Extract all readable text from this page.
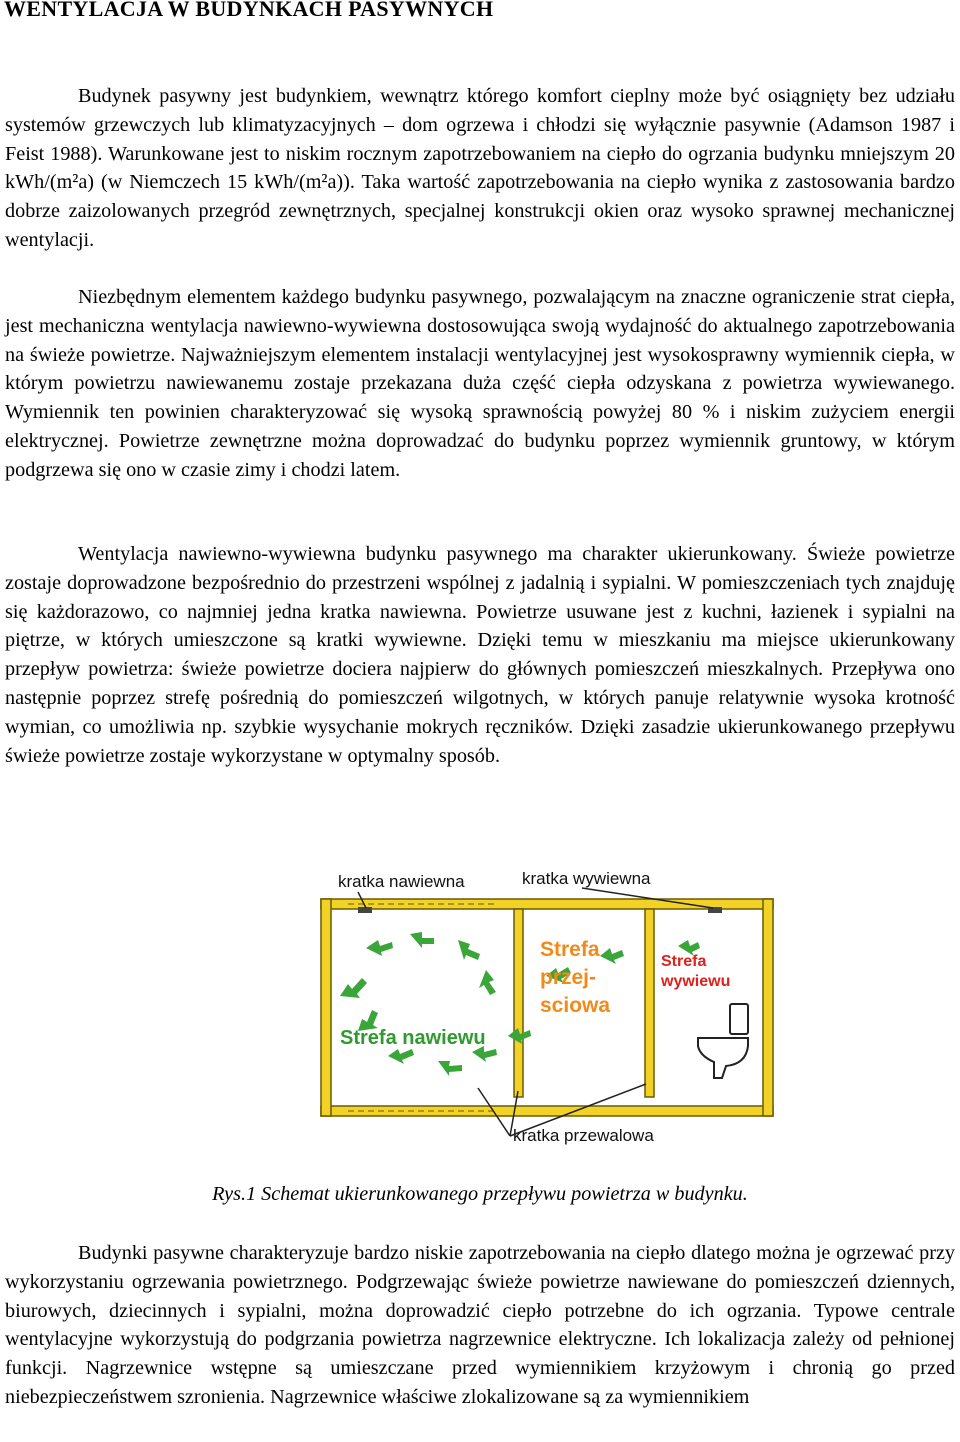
WENTYLACJA W BUDYNKACH PASYWNYCH

Budynek pasywny jest budynkiem, wewnątrz którego komfort cieplny może być osiągnięty bez udziału systemów grzewczych lub klimatyzacyjnych – dom ogrzewa i chłodzi się wyłącznie pasywnie (Adamson 1987 i Feist 1988). Warunkowane jest to niskim rocznym zapotrzebowaniem na ciepło do ogrzania budynku mniejszym 20 kWh/(m²a) (w Niemczech 15 kWh/(m²a)). Taka wartość zapotrzebowania na ciepło wynika z zastosowania bardzo dobrze zaizolowanych przegród zewnętrznych, specjalnej konstrukcji okien oraz wysoko sprawnej mechanicznej wentylacji.

Niezbędnym elementem każdego budynku pasywnego, pozwalającym na znaczne ograniczenie strat ciepła, jest mechaniczna wentylacja nawiewno-wywiewna dostosowująca swoją wydajność do aktualnego zapotrzebowania na świeże powietrze. Najważniejszym elementem instalacji wentylacyjnej jest wysokosprawny wymiennik ciepła, w którym powietrzu nawiewanemu zostaje przekazana duża część ciepła odzyskana z powietrza wywiewanego. Wymiennik ten powinien charakteryzować się wysoką sprawnością powyżej 80 % i niskim zużyciem energii elektrycznej. Powietrze zewnętrzne można doprowadzać do budynku poprzez wymiennik gruntowy, w którym podgrzewa się ono w czasie zimy i chodzi latem.

Wentylacja nawiewno-wywiewna budynku pasywnego ma charakter ukierunkowany. Świeże powietrze zostaje doprowadzone bezpośrednio do przestrzeni wspólnej z jadalnią i sypialni. W pomieszczeniach tych znajduję się każdorazowo, co najmniej jedna kratka nawiewna. Powietrze usuwane jest z kuchni, łazienek i sypialni na piętrze, w których umieszczone są kratki wywiewne. Dzięki temu w mieszkaniu ma miejsce ukierunkowany przepływ powietrza: świeże powietrze dociera najpierw do głównych pomieszczeń mieszkalnych. Przepływa ono następnie poprzez strefę pośrednią do pomieszczeń wilgotnych, w których panuje relatywnie wysoka krotność wymian, co umożliwia np. szybkie wysychanie mokrych ręczników. Dzięki zasadzie ukierunkowanego przepływu świeże powietrze zostaje wykorzystane w optymalny sposób.

Strefa nawiewu
Strefa
przej-
sciowa
Strefa
wywiewu
kratka nawiewna	kratka wywiewna
kratka przewalowa
Rys.1 Schemat ukierunkowanego przepływu powietrza w budynku.

Budynki pasywne charakteryzuje bardzo niskie zapotrzebowania na ciepło dlatego można je ogrzewać przy wykorzystaniu ogrzewania powietrznego. Podgrzewając świeże powietrze nawiewane do pomieszczeń dziennych, biurowych, dziecinnych i sypialni, można doprowadzić ciepło potrzebne do ich ogrzania. Typowe centrale wentylacyjne wykorzystują do podgrzania powietrza nagrzewnice elektryczne. Ich lokalizacja zależy od pełnionej funkcji. Nagrzewnice wstępne są umieszczane przed wymiennikiem krzyżowym i chronią go przed niebezpieczeństwem szronienia. Nagrzewnice właściwe zlokalizowane są za wymiennikiem
